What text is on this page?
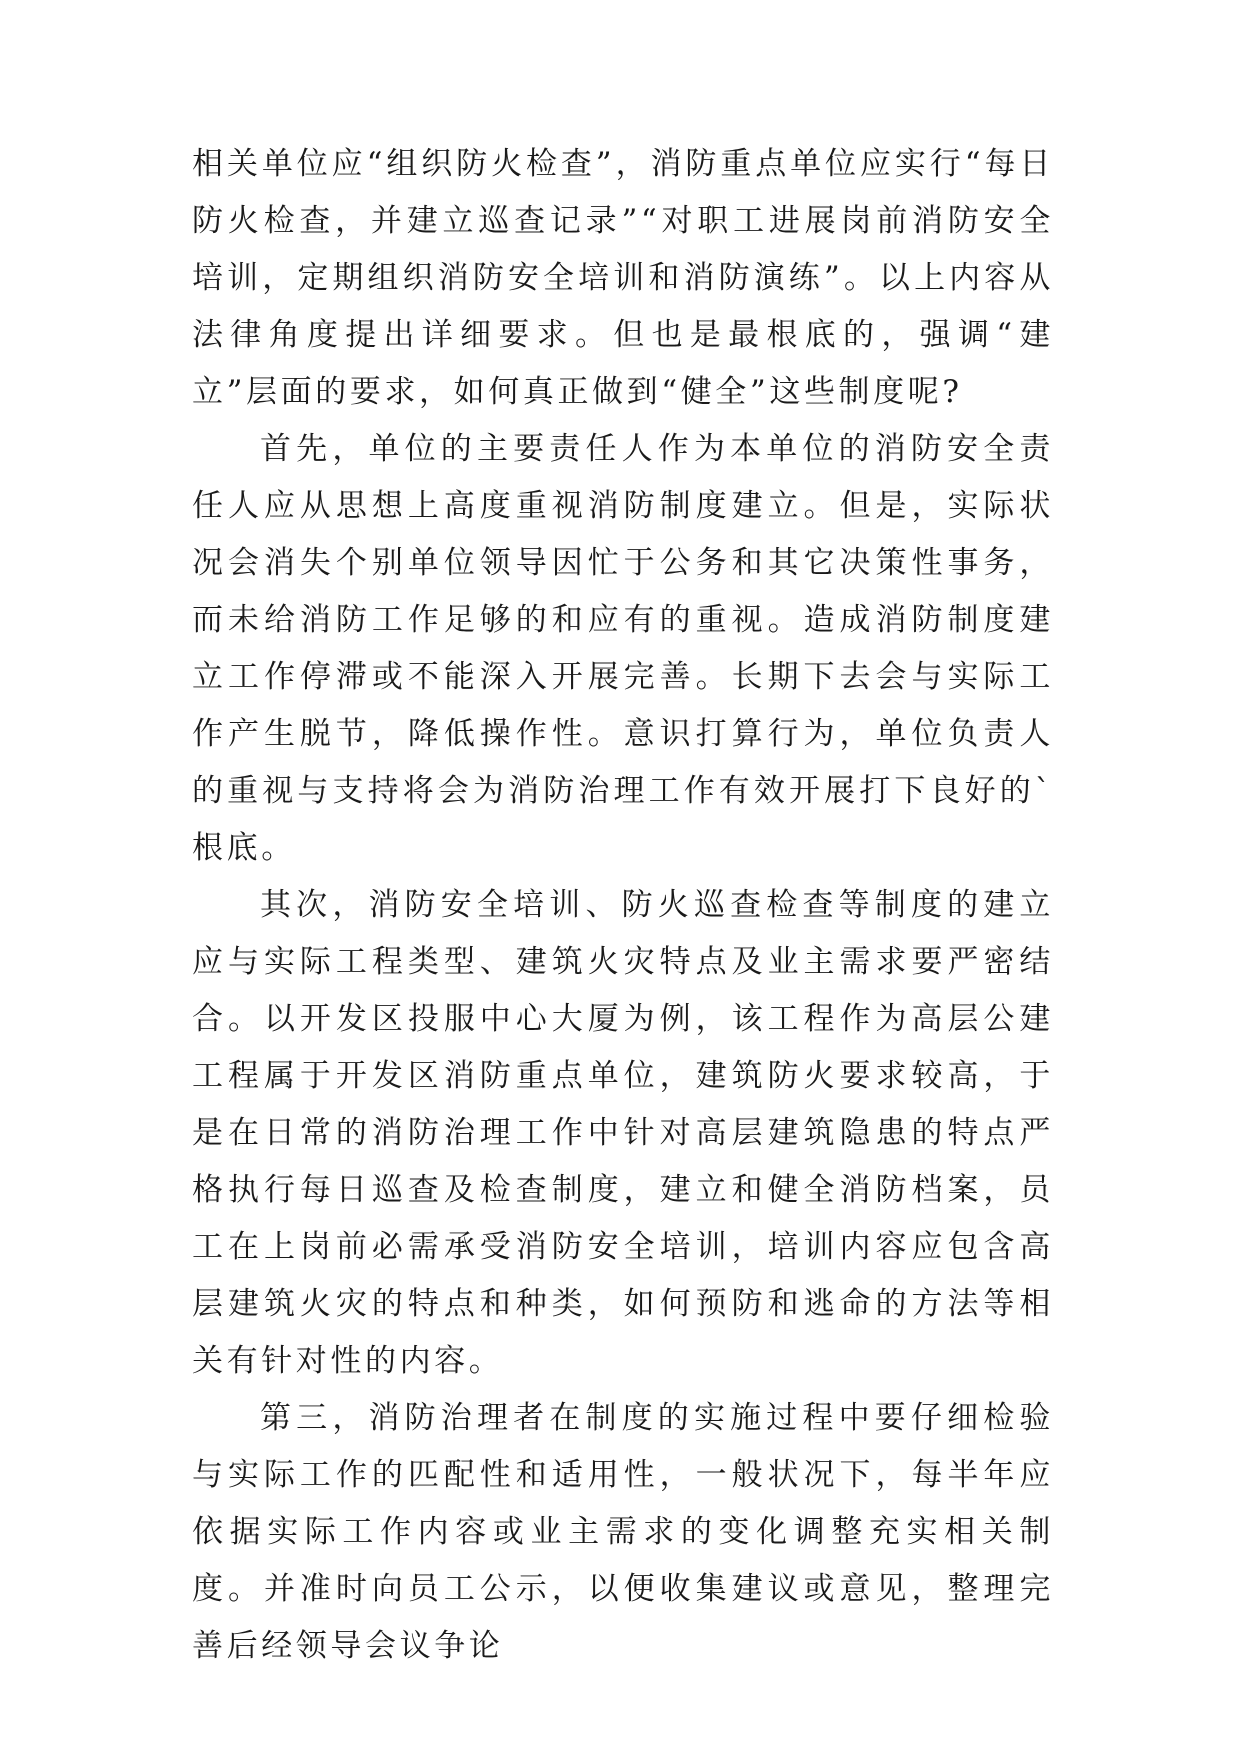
相关单位应“组织防火检查”，消防重点单位应实行“每日防火检查，并建立巡查记录”“对职工进展岗前消防安全培训，定期组织消防安全培训和消防演练”。以上内容从法律角度提出详细要求。但也是最根底的，强调“建立”层面的要求，如何真正做到“健全”这些制度呢?

首先，单位的主要责任人作为本单位的消防安全责任人应从思想上高度重视消防制度建立。但是，实际状况会消失个别单位领导因忙于公务和其它决策性事务，而未给消防工作足够的和应有的重视。造成消防制度建立工作停滞或不能深入开展完善。长期下去会与实际工作产生脱节，降低操作性。意识打算行为，单位负责人的重视与支持将会为消防治理工作有效开展打下良好的`根底。

其次，消防安全培训、防火巡查检查等制度的建立应与实际工程类型、建筑火灾特点及业主需求要严密结合。以开发区投服中心大厦为例，该工程作为高层公建工程属于开发区消防重点单位，建筑防火要求较高，于是在日常的消防治理工作中针对高层建筑隐患的特点严格执行每日巡查及检查制度，建立和健全消防档案，员工在上岗前必需承受消防安全培训，培训内容应包含高层建筑火灾的特点和种类，如何预防和逃命的方法等相关有针对性的内容。

第三，消防治理者在制度的实施过程中要仔细检验与实际工作的匹配性和适用性，一般状况下，每半年应依据实际工作内容或业主需求的变化调整充实相关制度。并准时向员工公示，以便收集建议或意见，整理完善后经领导会议争论
